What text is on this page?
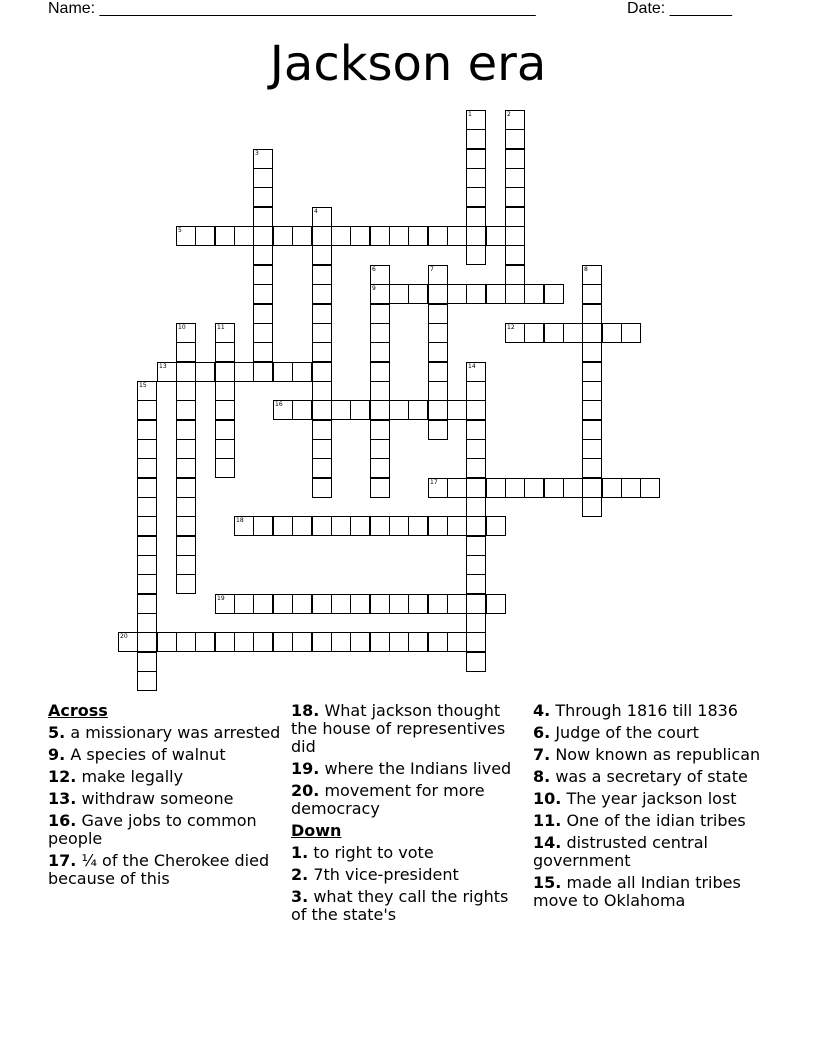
Name: _________________________________________________	Date: _______
Jackson era
1	2
3
4
5
6
9
7	8
10	11	12
13	14
15
16
17
18
19
20
Across
5. a missionary was arrested
9. A species of walnut
12. make legally
13. withdraw someone
16. Gave jobs to common people
17. ¼ of the Cherokee died because of this
18. What jackson thought the house of representives did
19. where the Indians lived
20. movement for more democracy
Down
1. to right to vote
2. 7th vice-president
3. what they call the rights of the state's
4. Through 1816 till 1836
6. Judge of the court
7. Now known as republican
8. was a secretary of state
10. The year jackson lost
11. One of the idian tribes
14. distrusted central government
15. made all Indian tribes move to Oklahoma
